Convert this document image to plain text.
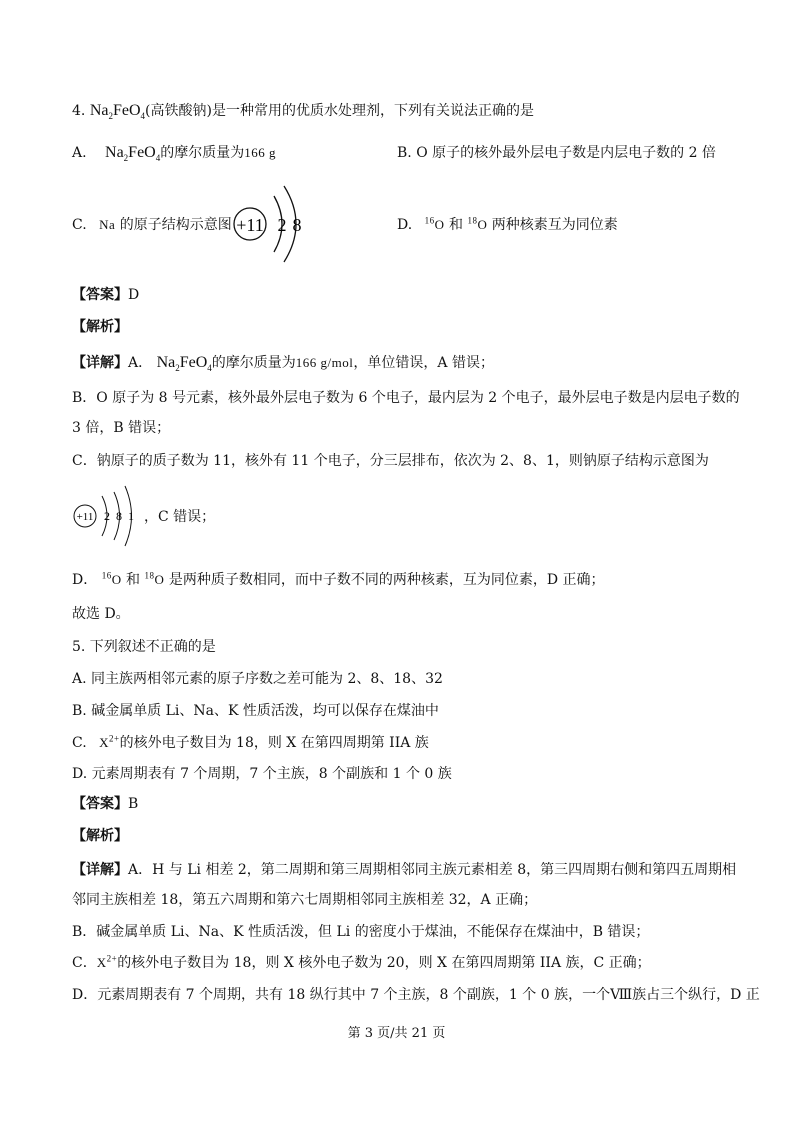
4. $Na_2FeO_4$(高铁酸钠)是一种常用的优质水处理剂，下列有关说法正确的是
A. $Na_2FeO_4$的摩尔质量为166 g	B. O 原子的核外最外层电子数是内层电子数的 2 倍
C. Na 的原子结构示意图 +11 2 8	D. $^{16}$O 和 $^{18}$O 两种核素互为同位素
【答案】D
【解析】
【详解】A． $Na_2FeO_4$的摩尔质量为166 g/mol，单位错误，A 错误；
B．O 原子为 8 号元素，核外最外层电子数为 6 个电子，最内层为 2 个电子，最外层电子数是内层电子数的
3 倍，B 错误；
C．钠原子的质子数为 11，核外有 11 个电子，分三层排布，依次为 2、8、1，则钠原子结构示意图为
+11 2 8 1 ，C 错误；
D． $^{16}$O 和 $^{18}$O 是两种质子数相同，而中子数不同的两种核素，互为同位素，D 正确；
故选 D。
5. 下列叙述不正确的是
A. 同主族两相邻元素的原子序数之差可能为 2、8、18、32
B. 碱金属单质 Li、Na、K 性质活泼，均可以保存在煤油中
C. $X^{2+}$的核外电子数目为 18，则 X 在第四周期第 IIA 族
D. 元素周期表有 7 个周期，7 个主族，8 个副族和 1 个 0 族
【答案】B
【解析】
【详解】A．H 与 Li 相差 2，第二周期和第三周期相邻同主族元素相差 8，第三四周期右侧和第四五周期相
邻同主族相差 18，第五六周期和第六七周期相邻同主族相差 32，A 正确；
B．碱金属单质 Li、Na、K 性质活泼，但 Li 的密度小于煤油，不能保存在煤油中，B 错误；
C．$X^{2+}$的核外电子数目为 18，则 X 核外电子数为 20，则 X 在第四周期第 IIA 族，C 正确；
D．元素周期表有 7 个周期，共有 18 纵行其中 7 个主族，8 个副族，1 个 0 族，一个Ⅷ族占三个纵行，D 正
第 3 页/共 21 页
